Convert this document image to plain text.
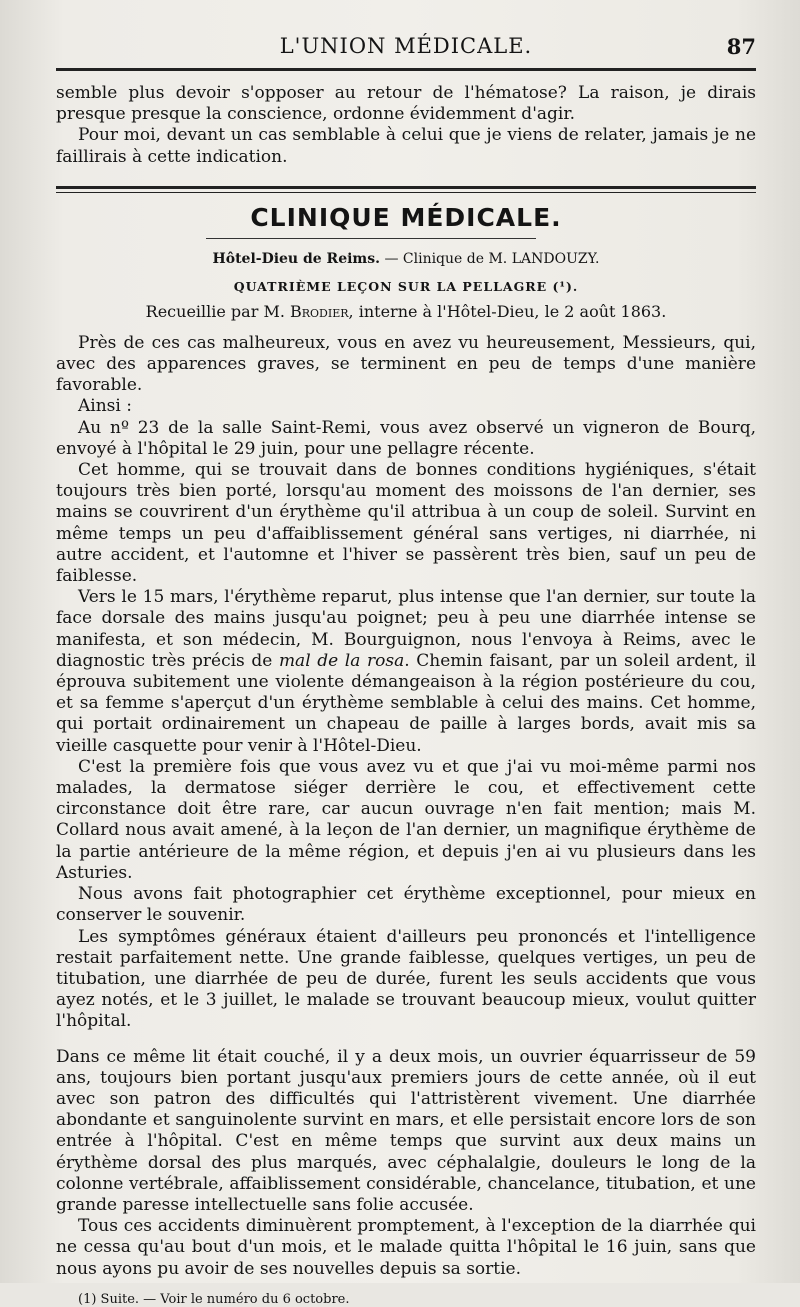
L'UNION MÉDICALE.	87

semble plus devoir s'opposer au retour de l'hématose? La raison, je dirais presque presque la conscience, ordonne évidemment d'agir.

Pour moi, devant un cas semblable à celui que je viens de relater, jamais je ne faillirais à cette indication.

CLINIQUE MÉDICALE.
Hôtel-Dieu de Reims. — Clinique de M. LANDOUZY.
QUATRIÈME LEÇON SUR LA PELLAGRE (¹).
Recueillie par M. Brodier, interne à l'Hôtel-Dieu, le 2 août 1863.

Près de ces cas malheureux, vous en avez vu heureusement, Messieurs, qui, avec des apparences graves, se terminent en peu de temps d'une manière favorable.

Ainsi :

Au nº 23 de la salle Saint-Remi, vous avez observé un vigneron de Bourq, envoyé à l'hôpital le 29 juin, pour une pellagre récente.

Cet homme, qui se trouvait dans de bonnes conditions hygiéniques, s'était toujours très bien porté, lorsqu'au moment des moissons de l'an dernier, ses mains se couvrirent d'un érythème qu'il attribua à un coup de soleil. Survint en même temps un peu d'affaiblissement général sans vertiges, ni diarrhée, ni autre accident, et l'automne et l'hiver se passèrent très bien, sauf un peu de faiblesse.

Vers le 15 mars, l'érythème reparut, plus intense que l'an dernier, sur toute la face dorsale des mains jusqu'au poignet; peu à peu une diarrhée intense se manifesta, et son médecin, M. Bourguignon, nous l'envoya à Reims, avec le diagnostic très précis de mal de la rosa. Chemin faisant, par un soleil ardent, il éprouva subitement une violente démangeaison à la région postérieure du cou, et sa femme s'aperçut d'un érythème semblable à celui des mains. Cet homme, qui portait ordinairement un chapeau de paille à larges bords, avait mis sa vieille casquette pour venir à l'Hôtel-Dieu.

C'est la première fois que vous avez vu et que j'ai vu moi-même parmi nos malades, la dermatose siéger derrière le cou, et effectivement cette circonstance doit être rare, car aucun ouvrage n'en fait mention; mais M. Collard nous avait amené, à la leçon de l'an dernier, un magnifique érythème de la partie antérieure de la même région, et depuis j'en ai vu plusieurs dans les Asturies.

Nous avons fait photographier cet érythème exceptionnel, pour mieux en conserver le souvenir.

Les symptômes généraux étaient d'ailleurs peu prononcés et l'intelligence restait parfaitement nette. Une grande faiblesse, quelques vertiges, un peu de titubation, une diarrhée de peu de durée, furent les seuls accidents que vous ayez notés, et le 3 juillet, le malade se trouvant beaucoup mieux, voulut quitter l'hôpital.

Dans ce même lit était couché, il y a deux mois, un ouvrier équarrisseur de 59 ans, toujours bien portant jusqu'aux premiers jours de cette année, où il eut avec son patron des difficultés qui l'attristèrent vivement. Une diarrhée abondante et sanguinolente survint en mars, et elle persistait encore lors de son entrée à l'hôpital. C'est en même temps que survint aux deux mains un érythème dorsal des plus marqués, avec céphalalgie, douleurs le long de la colonne vertébrale, affaiblissement considérable, chancelance, titubation, et une grande paresse intellectuelle sans folie accusée.

Tous ces accidents diminuèrent promptement, à l'exception de la diarrhée qui ne cessa qu'au bout d'un mois, et le malade quitta l'hôpital le 16 juin, sans que nous ayons pu avoir de ses nouvelles depuis sa sortie.

(1) Suite. — Voir le numéro du 6 octobre.
